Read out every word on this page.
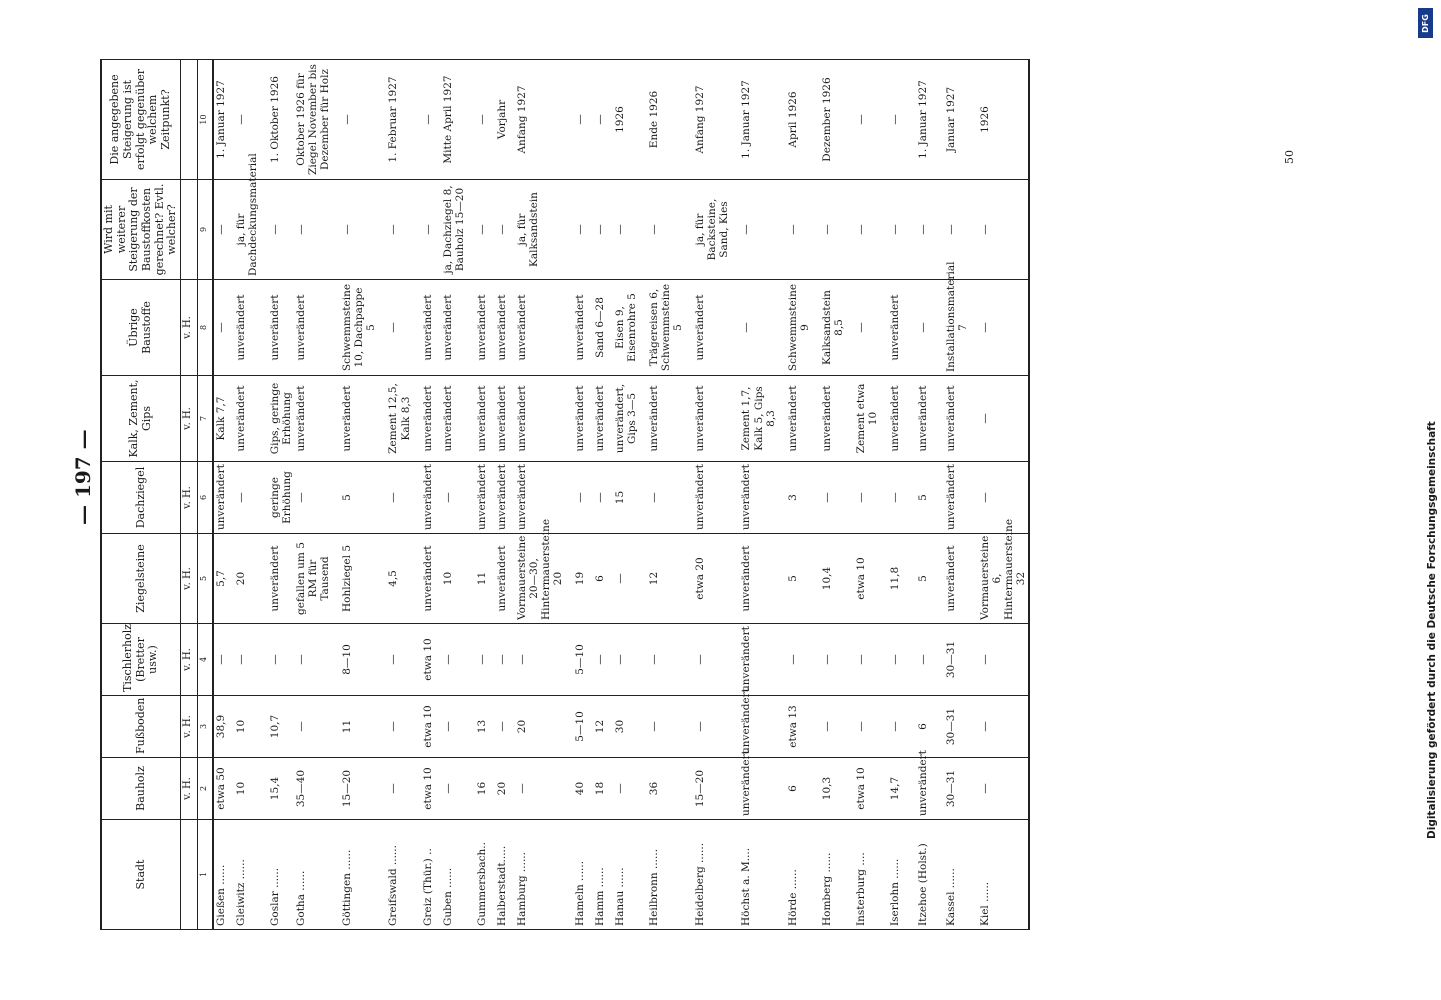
— 197 —
50
Digitalisierung gefördert durch die Deutsche Forschungsgemeinschaft
DFG
Stadt	Bauholz	Fußboden	Tischlerholz (Bretter usw.)	Ziegelsteine	Dachziegel	Kalk, Zement, Gips	Übrige Baustoffe	Wird mit weiterer Steigerung der Baustoffkosten gerechnet? Evtl. welcher?	Die angegebene Steigerung ist erfolgt gegenüber welchem Zeitpunkt?
	v. H.	v. H.	v. H.	v. H.	v. H.	v. H.	v. H.		
1	2	3	4	5	6	7	8	9	10
Gießen ......	etwa 50	38,9	—	5,7	unverändert	Kalk 7,7	—	—	1. Januar 1927
Gleiwitz ......	10	10	—	20	—	unverändert	unverändert	ja, für Dachdeckungsmaterial	—

Goslar ......	15,4	10,7	—	unverändert	geringe Erhöhung	Gips, geringe Erhöhung	unverändert	—	1. Oktober 1926
Gotha ......	35—40	—	—	gefallen um 5 RM für Tausend	—	unverändert	unverändert	—	Oktober 1926 für Ziegel November bis Dezember für Holz

Göttingen ......	15—20	11	8—10	Hohlziegel 5	5	unverändert	Schwemmsteine 10, Dachpappe 5	—	—

Greifswald ......	—	—	—	4,5	—	Zement 12,5, Kalk 8,3	—	—	1. Februar 1927

Greiz (Thür.) ..	etwa 10	etwa 10	etwa 10	unverändert	unverändert	unverändert	unverändert	—	—
Guben ......	—	—	—	10	—	unverändert	unverändert	ja, Dachziegel 8, Bauholz 15—20	Mitte April 1927

Gummersbach..	16	13	—	11	unverändert	unverändert	unverändert	—	—
Halberstadt.....	20	—	—	unverändert	unverändert	unverändert	unverändert	—	Vorjahr
Hamburg ......	—	20	—	Vormauersteine 20—30, Hintermauersteine 20	unverändert	unverändert	unverändert	ja, für Kalksandstein	Anfang 1927

Hameln ......	40	5—10	5—10	19	—	unverändert	unverändert	—	—
Hamm ......	18	12	—	6	—	unverändert	Sand 6—28	—	—
Hanau ......	—	30	—	—	15	unverändert, Gips 3—5	Eisen 9, Eisenrohre 5	—	1926

Heilbronn ......	36	—	—	12	—	unverändert	Trägereisen 6, Schwemmsteine 5	—	Ende 1926

Heidelberg ......	15—20	—	—	etwa 20	unverändert	unverändert	unverändert	ja, für Backsteine, Sand, Kies	Anfang 1927

Höchst a. M....	unverändert	unverändert	unverändert	unverändert	unverändert	Zement 1,7, Kalk 5, Gips 8,3	—	—	1. Januar 1927

Hörde ......	6	etwa 13	—	5	3	unverändert	Schwemmsteine 9	—	April 1926

Homberg ......	10,3	—	—	10,4	—	unverändert	Kalksandstein 8,5	—	Dezember 1926

Insterburg ....	etwa 10	—	—	etwa 10	—	Zement etwa 10	—	—	—

Iserlohn ......	14,7	—	—	11,8	—	unverändert	unverändert	—	—

Itzehoe (Holst.)	unverändert	6	—	5	5	unverändert	—	—	1. Januar 1927

Kassel ......	30—31	30—31	30—31	unverändert	unverändert	unverändert	Installationsmaterial 7	—	Januar 1927

Kiel ......	—	—	—	Vormauersteine 6, Hintermauersteine 32	—	—	—	—	1926
